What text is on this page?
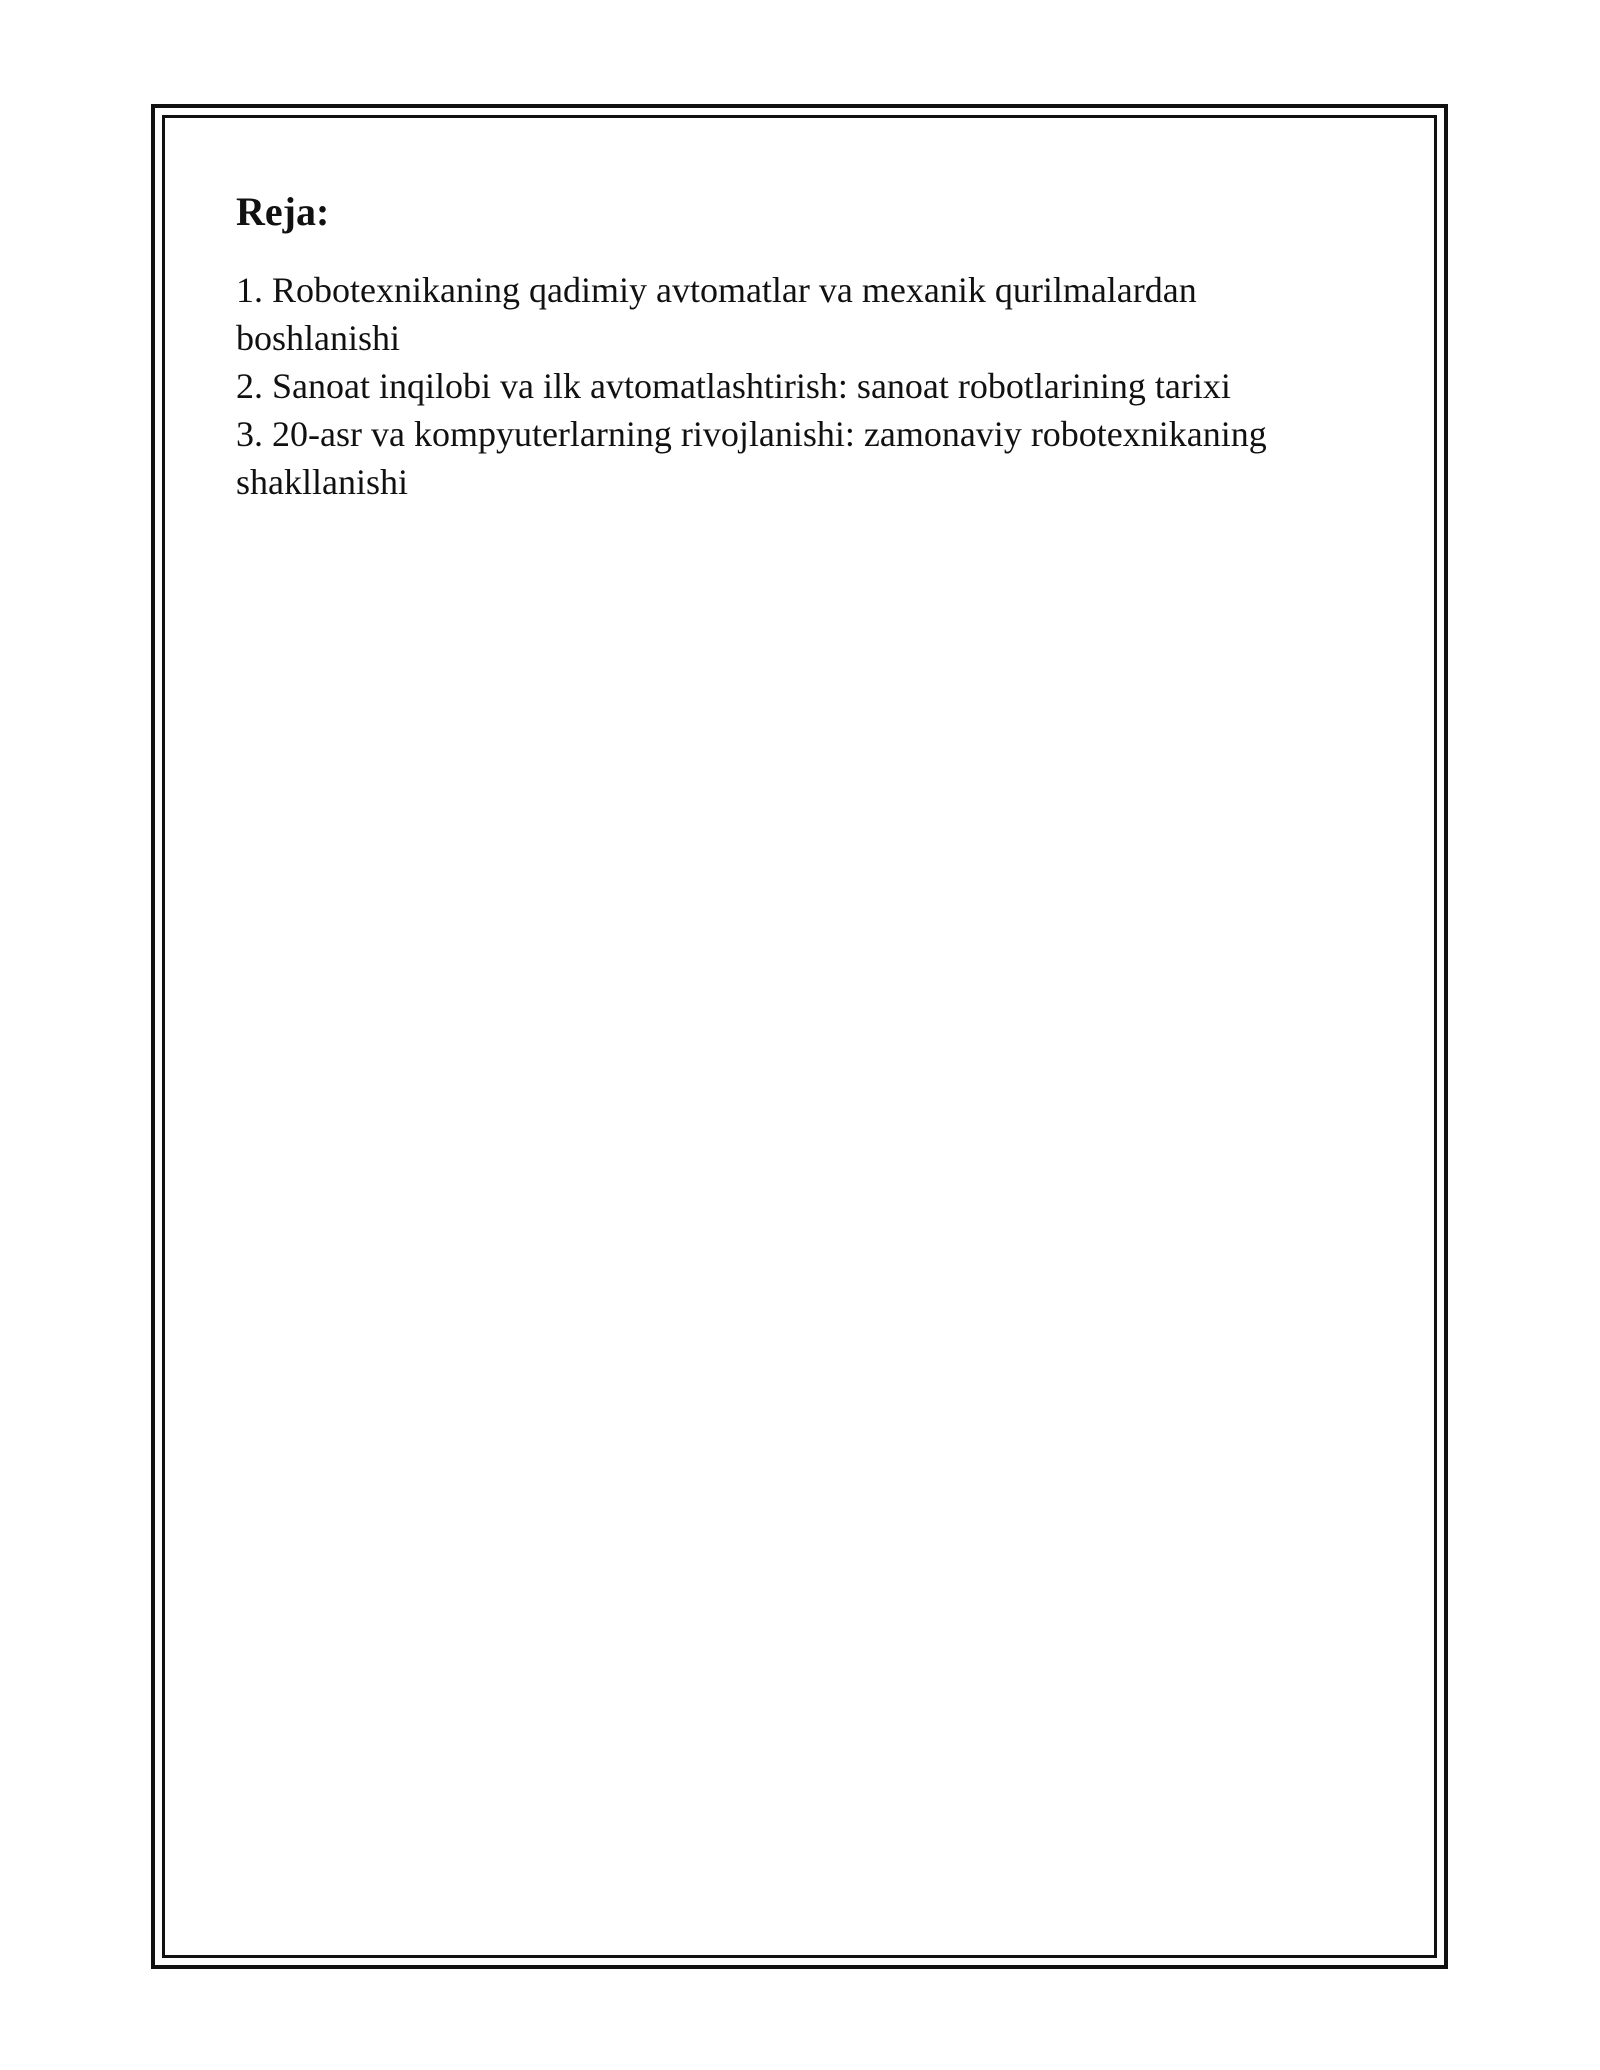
Reja:
1. Robotexnikaning qadimiy avtomatlar va mexanik qurilmalardan boshlanishi
2. Sanoat inqilobi va ilk avtomatlashtirish: sanoat robotlarining tarixi
3. 20-asr va kompyuterlarning rivojlanishi: zamonaviy robotexnikaning shakllanishi
